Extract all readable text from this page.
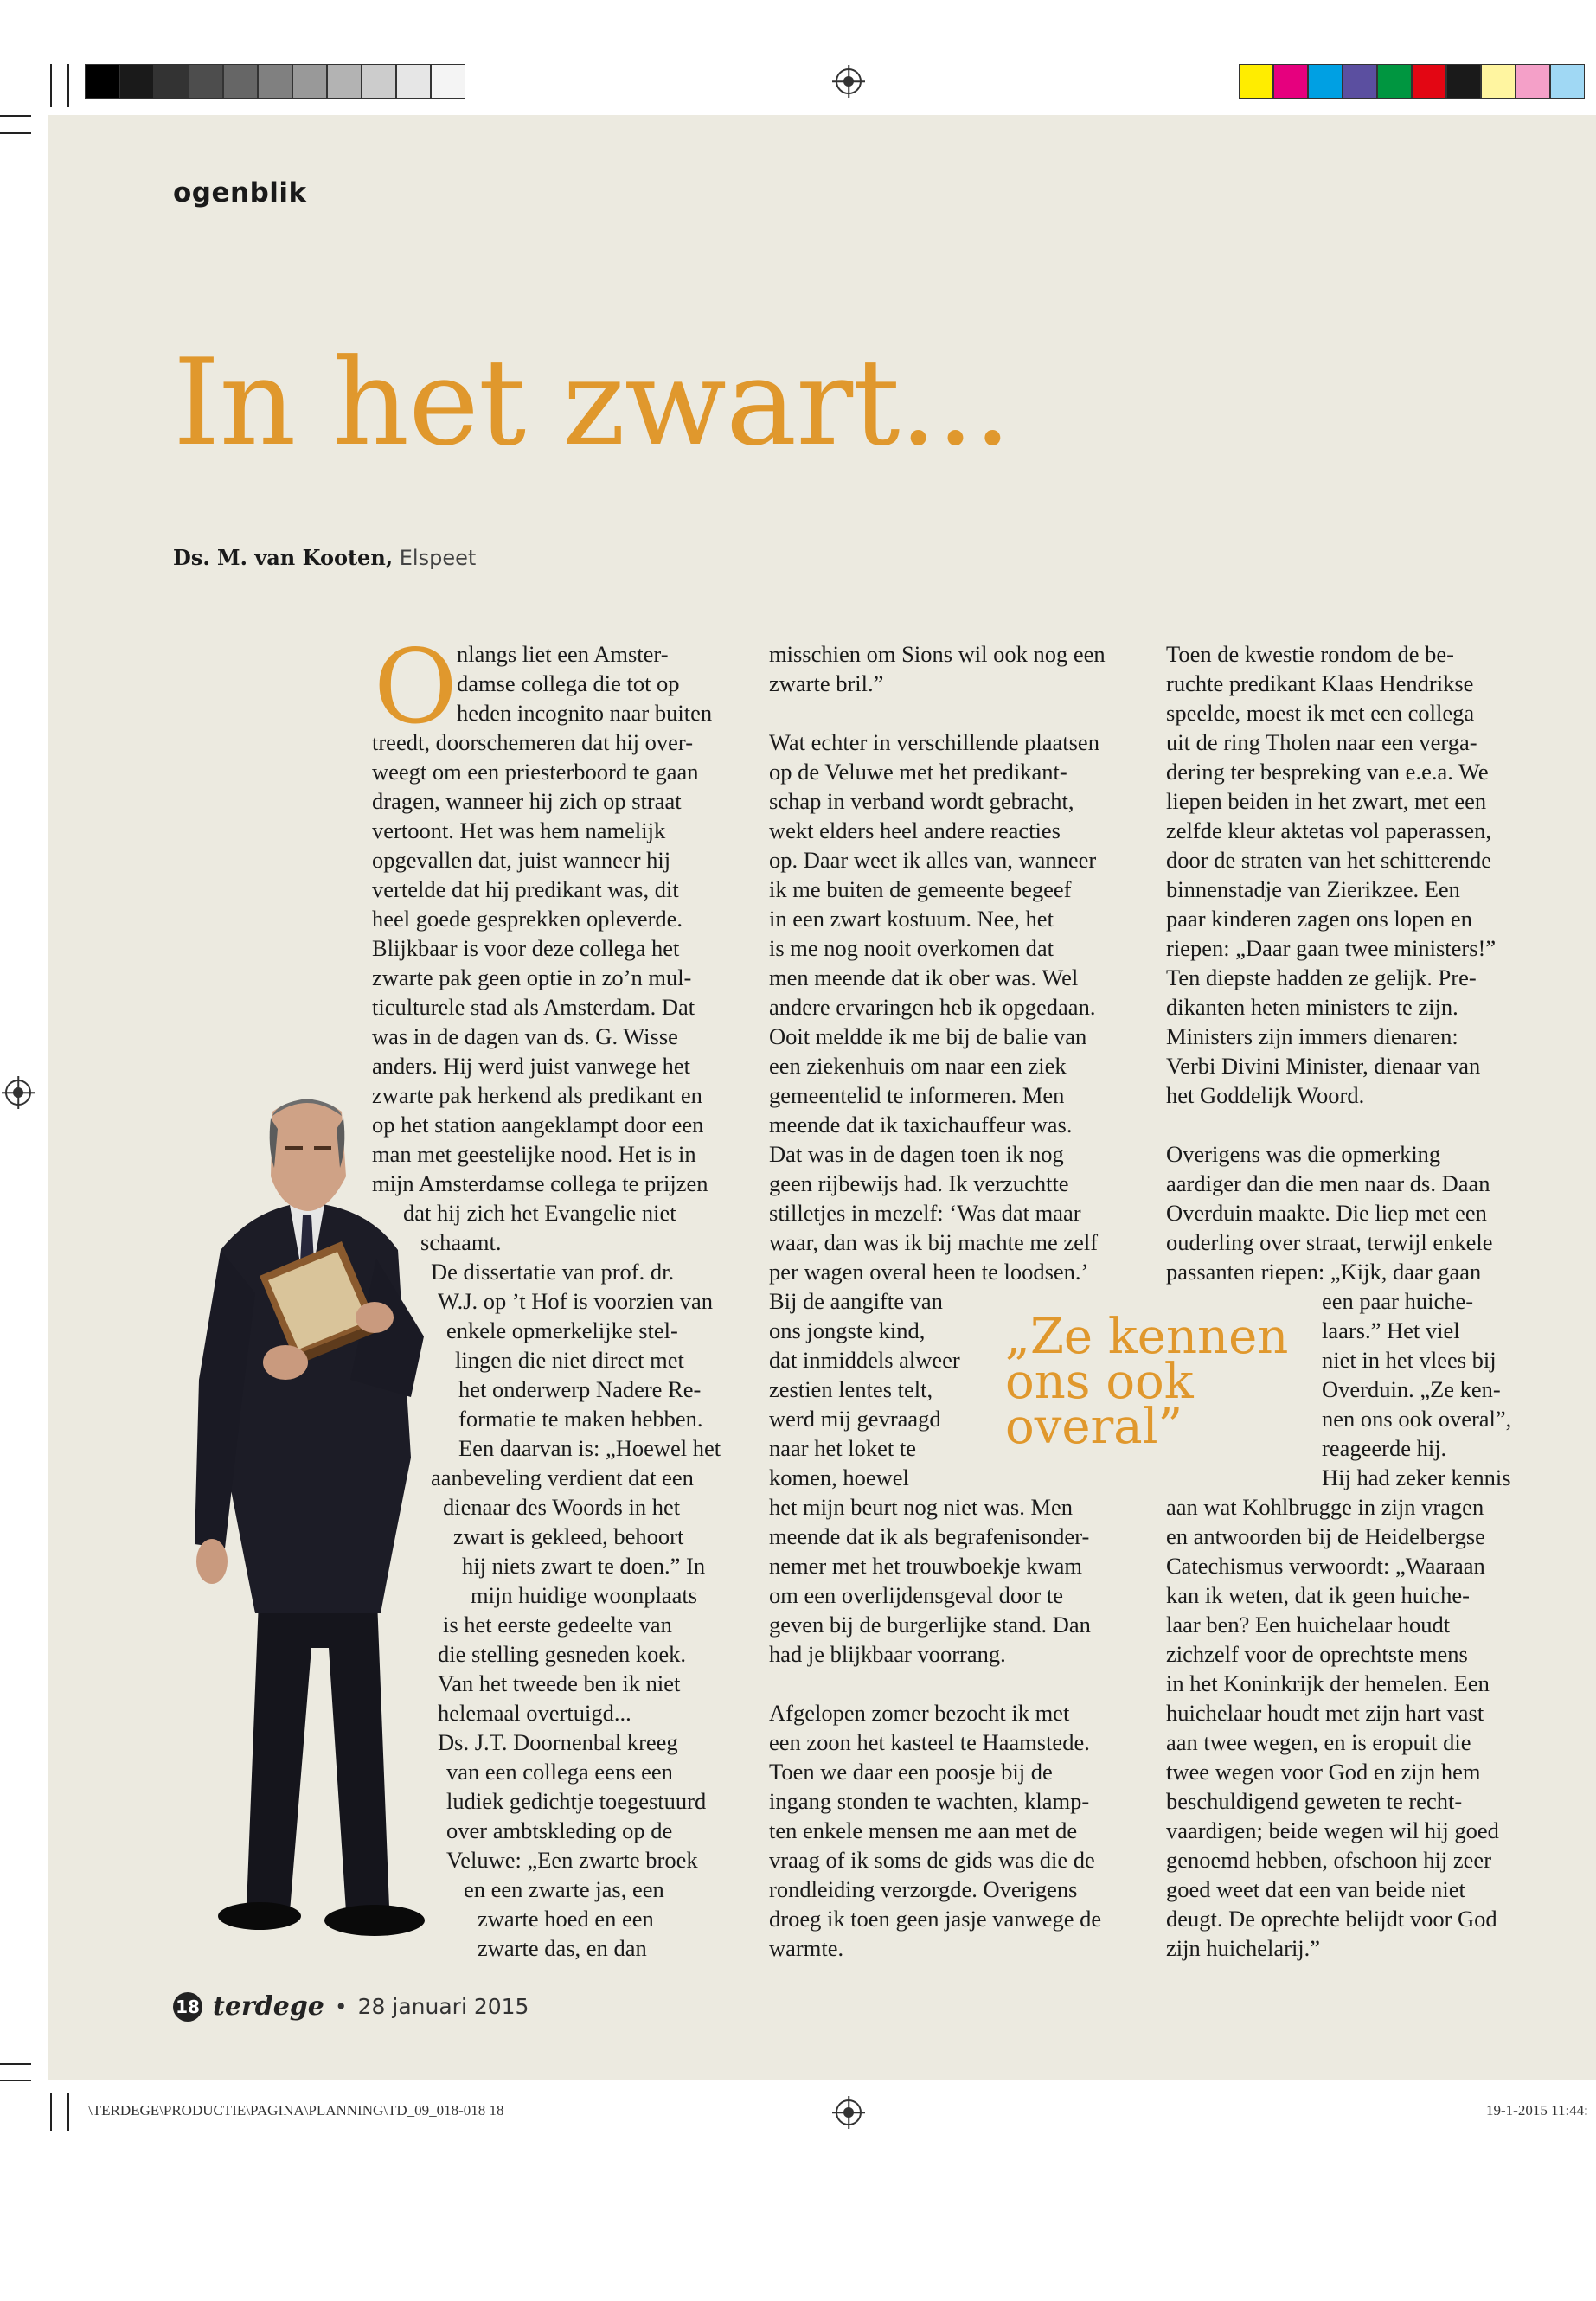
ogenblik
In het zwart...
Ds. M. van Kooten, Elspeet
O nlangs liet een Amster-

damse collega die tot op

heden incognito naar buiten

treedt, doorschemeren dat hij over-

weegt om een priesterboord te gaan

dragen, wanneer hij zich op straat

vertoont. Het was hem namelijk

opgevallen dat, juist wanneer hij

vertelde dat hij predikant was, dit

heel goede gesprekken opleverde.

Blijkbaar is voor deze collega het

zwarte pak geen optie in zo’n mul-

ticulturele stad als Amsterdam. Dat

was in de dagen van ds. G. Wisse

anders. Hij werd juist vanwege het

zwarte pak herkend als predikant en

op het station aangeklampt door een

man met geestelijke nood. Het is in

mijn Amsterdamse collega te prijzen

dat hij zich het Evangelie niet

schaamt.

De dissertatie van prof. dr.

W.J. op ’t Hof is voorzien van

enkele opmerkelijke stel-

lingen die niet direct met

het onderwerp Nadere Re-

formatie te maken hebben.

Een daarvan is: „Hoewel het

aanbeveling verdient dat een

dienaar des Woords in het

zwart is gekleed, behoort

hij niets zwart te doen.” In

mijn huidige woonplaats

is het eerste gedeelte van

die stelling gesneden koek.

Van het tweede ben ik niet

helemaal overtuigd...

Ds. J.T. Doornenbal kreeg

van een collega eens een

ludiek gedichtje toegestuurd

over ambtskleding op de

Veluwe: „Een zwarte broek

en een zwarte jas, een

zwarte hoed en een

zwarte das, en dan

misschien om Sions wil ook nog een

zwarte bril.”

Wat echter in verschillende plaatsen

op de Veluwe met het predikant-

schap in verband wordt gebracht,

wekt elders heel andere reacties

op. Daar weet ik alles van, wanneer

ik me buiten de gemeente begeef

in een zwart kostuum. Nee, het

is me nog nooit overkomen dat

men meende dat ik ober was. Wel

andere ervaringen heb ik opgedaan.

Ooit meldde ik me bij de balie van

een ziekenhuis om naar een ziek

gemeentelid te informeren. Men

meende dat ik taxichauffeur was.

Dat was in de dagen toen ik nog

geen rijbewijs had. Ik verzuchtte

stilletjes in mezelf: ‘Was dat maar

waar, dan was ik bij machte me zelf

per wagen overal heen te loodsen.’

Bij de aangifte van

ons jongste kind,

dat inmiddels alweer

zestien lentes telt,

werd mij gevraagd

naar het loket te

komen, hoewel

het mijn beurt nog niet was. Men

meende dat ik als begrafenisonder-

nemer met het trouwboekje kwam

om een overlijdensgeval door te

geven bij de burgerlijke stand. Dan

had je blijkbaar voorrang.

Afgelopen zomer bezocht ik met

een zoon het kasteel te Haamstede.

Toen we daar een poosje bij de

ingang stonden te wachten, klamp-

ten enkele mensen me aan met de

vraag of ik soms de gids was die de

rondleiding verzorgde. Overigens

droeg ik toen geen jasje vanwege de

warmte.

Toen de kwestie rondom de be-

ruchte predikant Klaas Hendrikse

speelde, moest ik met een collega

uit de ring Tholen naar een verga-

dering ter bespreking van e.e.a. We

liepen beiden in het zwart, met een

zelfde kleur aktetas vol paperassen,

door de straten van het schitterende

binnenstadje van Zierikzee. Een

paar kinderen zagen ons lopen en

riepen: „Daar gaan twee ministers!”

Ten diepste hadden ze gelijk. Pre-

dikanten heten ministers te zijn.

Ministers zijn immers dienaren:

Verbi Divini Minister, dienaar van

het Goddelijk Woord.

Overigens was die opmerking

aardiger dan die men naar ds. Daan

Overduin maakte. Die liep met een

ouderling over straat, terwijl enkele

passanten riepen: „Kijk, daar gaan

een paar huiche-

laars.” Het viel

niet in het vlees bij

Overduin. „Ze ken-

nen ons ook overal”,

reageerde hij.

Hij had zeker kennis

aan wat Kohlbrugge in zijn vragen

en antwoorden bij de Heidelbergse

Catechismus verwoordt: „Waaraan

kan ik weten, dat ik geen huiche-

laar ben? Een huichelaar houdt

zichzelf voor de oprechtste mens

in het Koninkrijk der hemelen. Een

huichelaar houdt met zijn hart vast

aan twee wegen, en is eropuit die

twee wegen voor God en zijn hem

beschuldigend geweten te recht-

vaardigen; beide wegen wil hij goed

genoemd hebben, ofschoon hij zeer

goed weet dat een van beide niet

deugt. De oprechte belijdt voor God

zijn huichelarij.”

„Ze kennen
ons ook
overal”
18 terdege • 28 januari 2015
\TERDEGE\PRODUCTIE\PAGINA\PLANNING\TD_09_018-018 18	19-1-2015 11:44:
